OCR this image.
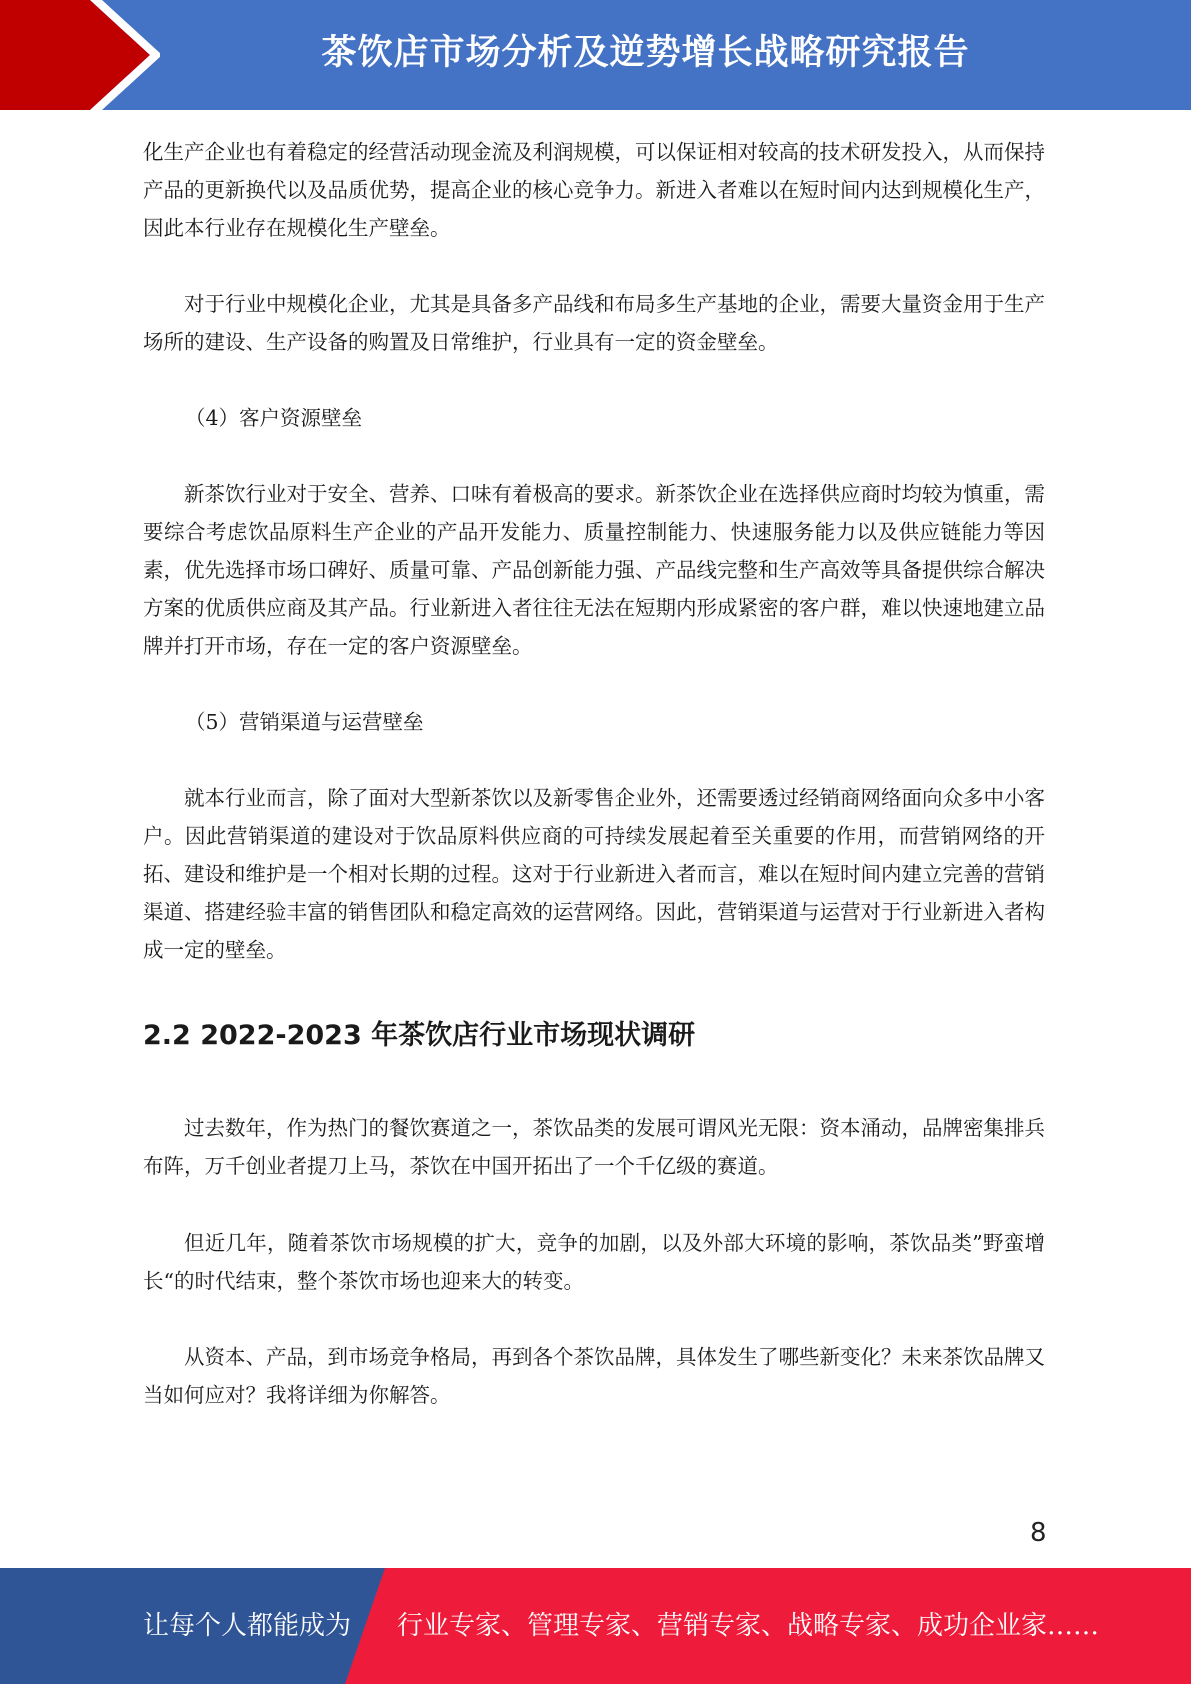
茶饮店市场分析及逆势增长战略研究报告

化生产企业也有着稳定的经营活动现金流及利润规模，可以保证相对较高的技术研发投入，从而保持产品的更新换代以及品质优势，提高企业的核心竞争力。新进入者难以在短时间内达到规模化生产，因此本行业存在规模化生产壁垒。

对于行业中规模化企业，尤其是具备多产品线和布局多生产基地的企业，需要大量资金用于生产场所的建设、生产设备的购置及日常维护，行业具有一定的资金壁垒。

（4）客户资源壁垒

新茶饮行业对于安全、营养、口味有着极高的要求。新茶饮企业在选择供应商时均较为慎重，需要综合考虑饮品原料生产企业的产品开发能力、质量控制能力、快速服务能力以及供应链能力等因素，优先选择市场口碑好、质量可靠、产品创新能力强、产品线完整和生产高效等具备提供综合解决方案的优质供应商及其产品。行业新进入者往往无法在短期内形成紧密的客户群，难以快速地建立品牌并打开市场，存在一定的客户资源壁垒。

（5）营销渠道与运营壁垒

就本行业而言，除了面对大型新茶饮以及新零售企业外，还需要透过经销商网络面向众多中小客户。因此营销渠道的建设对于饮品原料供应商的可持续发展起着至关重要的作用，而营销网络的开拓、建设和维护是一个相对长期的过程。这对于行业新进入者而言，难以在短时间内建立完善的营销渠道、搭建经验丰富的销售团队和稳定高效的运营网络。因此，营销渠道与运营对于行业新进入者构成一定的壁垒。

2.2 2022-2023 年茶饮店行业市场现状调研

过去数年，作为热门的餐饮赛道之一，茶饮品类的发展可谓风光无限：资本涌动，品牌密集排兵布阵，万千创业者提刀上马，茶饮在中国开拓出了一个千亿级的赛道。

但近几年，随着茶饮市场规模的扩大，竞争的加剧，以及外部大环境的影响，茶饮品类”野蛮增长“的时代结束，整个茶饮市场也迎来大的转变。

从资本、产品，到市场竞争格局，再到各个茶饮品牌，具体发生了哪些新变化？未来茶饮品牌又当如何应对？我将详细为你解答。

8
让每个人都能成为 行业专家、管理专家、营销专家、战略专家、成功企业家……
